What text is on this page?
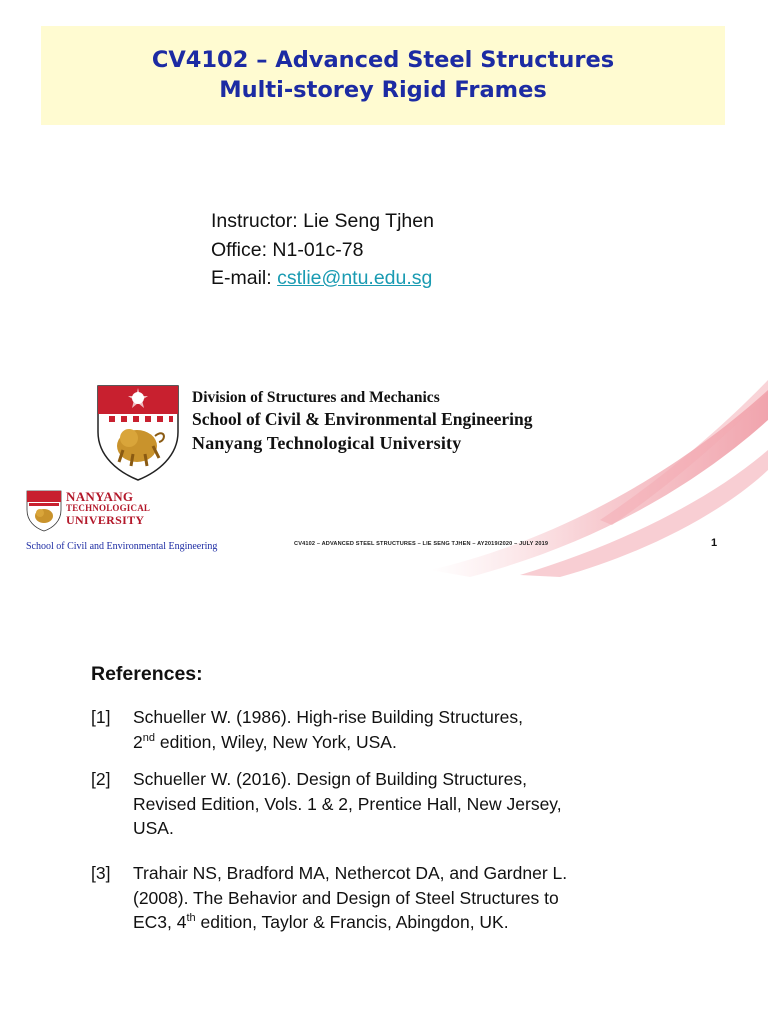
CV4102 – Advanced Steel Structures
Multi-storey Rigid Frames
Instructor: Lie Seng Tjhen
Office: N1-01c-78
E-mail: cstlie@ntu.edu.sg
Division of Structures and Mechanics
School of Civil & Environmental Engineering
Nanyang Technological University
NANYANG
TECHNOLOGICAL
UNIVERSITY
School of Civil and Environmental Engineering	CV4102 – ADVANCED STEEL STRUCTURES – LIE SENG TJHEN – AY2019/2020 – JULY 2019	1
References:
[1] Schueller W. (1986). High-rise Building Structures,
2nd edition, Wiley, New York, USA.
[2] Schueller W. (2016). Design of Building Structures,
Revised Edition, Vols. 1 & 2, Prentice Hall, New Jersey,
USA.
[3] Trahair NS, Bradford MA, Nethercot DA, and Gardner L.
(2008). The Behavior and Design of Steel Structures to
EC3, 4th edition, Taylor & Francis, Abingdon, UK.
